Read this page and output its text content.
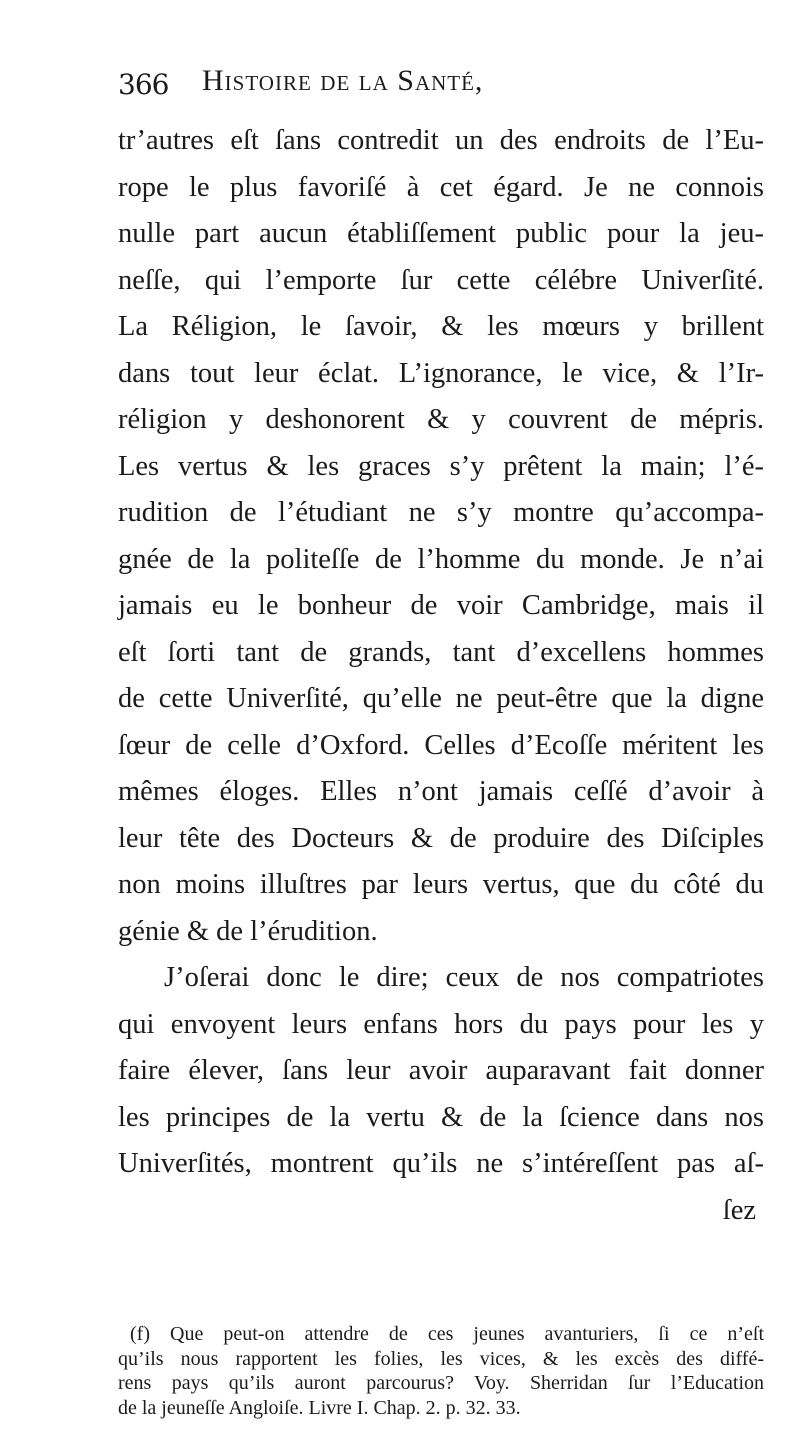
366 Histoire de la Santé,
tr’autres eſt ſans contredit un des endroits de l’Eu-
rope le plus favoriſé à cet égard. Je ne connois
nulle part aucun établiſſement public pour la jeu-
neſſe, qui l’emporte ſur cette célébre Univerſité.
La Réligion, le ſavoir, & les mœurs y brillent
dans tout leur éclat. L’ignorance, le vice, & l’Ir-
réligion y deshonorent & y couvrent de mépris.
Les vertus & les graces s’y prêtent la main; l’é-
rudition de l’étudiant ne s’y montre qu’accompa-
gnée de la politeſſe de l’homme du monde. Je n’ai
jamais eu le bonheur de voir Cambridge, mais il
eſt ſorti tant de grands, tant d’excellens hommes
de cette Univerſité, qu’elle ne peut-être que la digne
ſœur de celle d’Oxford. Celles d’Ecoſſe méritent les
mêmes éloges. Elles n’ont jamais ceſſé d’avoir à
leur tête des Docteurs & de produire des Diſciples
non moins illuſtres par leurs vertus, que du côté du
génie & de l’érudition.
J’oſerai donc le dire; ceux de nos compatriotes
qui envoyent leurs enfans hors du pays pour les y
faire élever, ſans leur avoir auparavant fait donner
les principes de la vertu & de la ſcience dans nos
Univerſités, montrent qu’ils ne s’intéreſſent pas aſ-
ſez
(f) Que peut-on attendre de ces jeunes avanturiers, ſi ce n’eſt
qu’ils nous rapportent les folies, les vices, & les excès des diffé-
rens pays qu’ils auront parcourus? Voy. Sherridan ſur l’Education
de la jeuneſſe Angloiſe. Livre I. Chap. 2. p. 32. 33.
